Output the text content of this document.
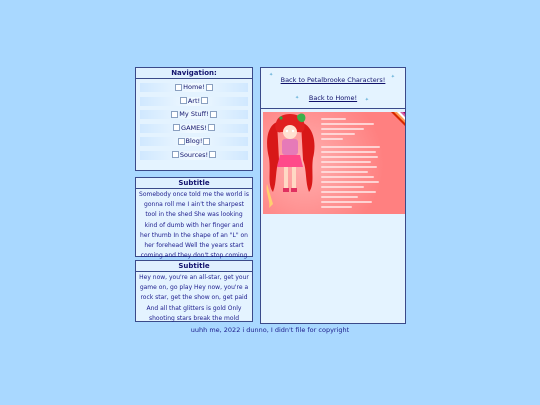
Navigation:
Home!
Art!
My Stuff!
GAMES!
Blog!
Sources!
Subtitle
Somebody once told me the world is gonna roll me I ain't the sharpest tool in the shed She was looking kind of dumb with her finger and her thumb In the shape of an "L" on her forehead Well the years start coming and they don't stop coming
Subtitle
Hey now, you're an all-star, get your game on, go play Hey now, you're a rock star, get the show on, get paid And all that glitters is gold Only shooting stars break the mold
✦
✦
✦
✦
Back to Petalbrooke Characters!
Back to Home!
uuhh me, 2022 i dunno, I didn't file for copyright
